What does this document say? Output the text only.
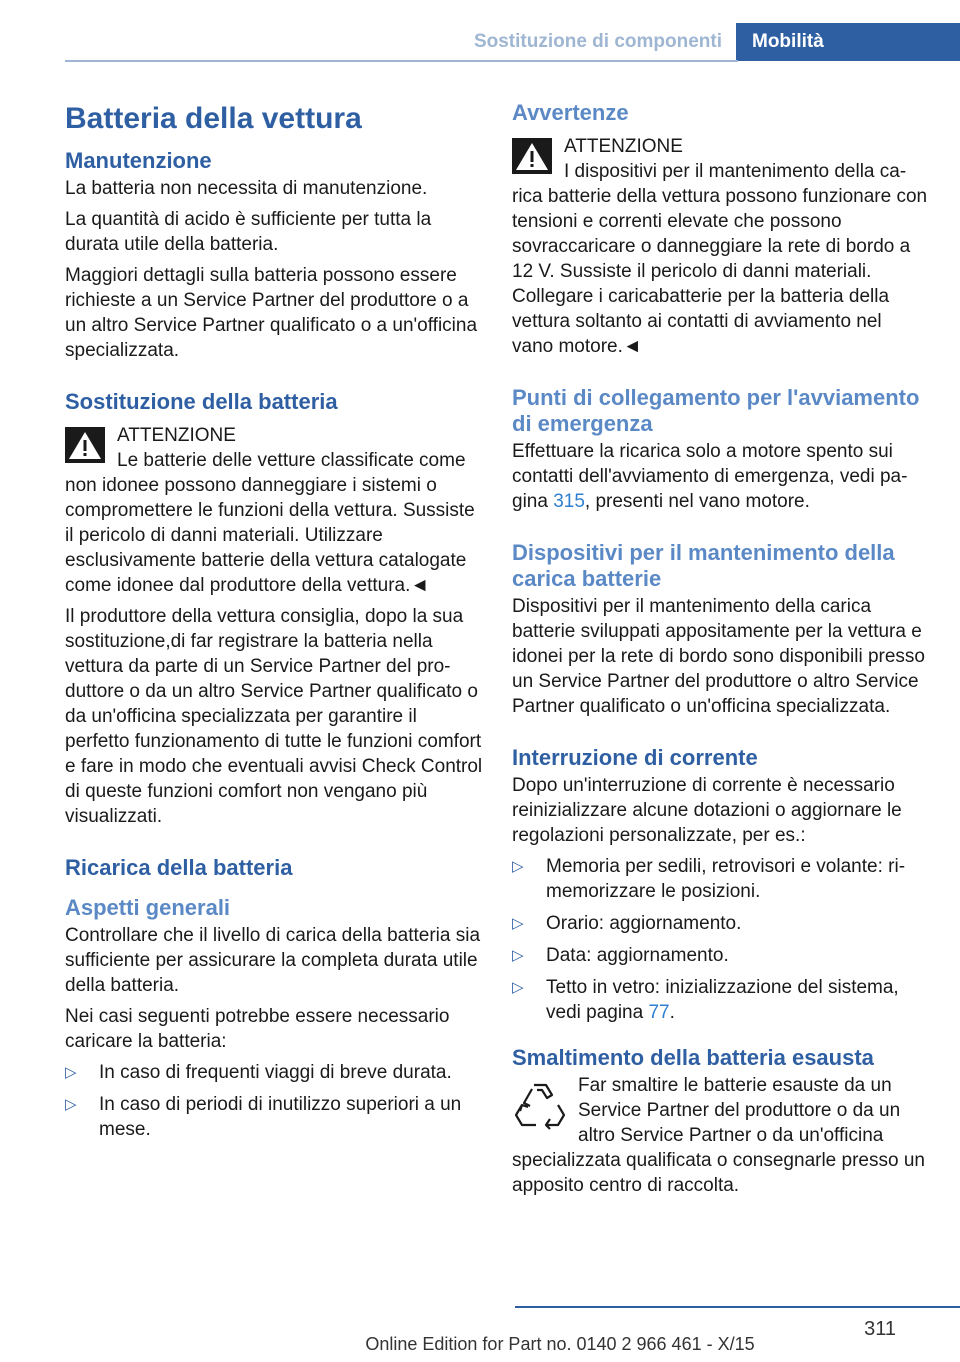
Sostituzione di componenti	Mobilità
Batteria della vettura
Manutenzione

La batteria non necessita di manutenzione.

La quantità di acido è sufficiente per tutta la durata utile della batteria.

Maggiori dettagli sulla batteria possono essere richieste a un Service Partner del produttore o a un altro Service Partner qualificato o a un'officina specializzata.

Sostituzione della batteria
ATTENZIONE
Le batterie delle vetture classificate come non idonee possono danneggiare i sistemi o compromettere le funzioni della vettura. Sussiste il pericolo di danni materiali. Utilizzare esclusivamente batterie della vettura catalogate come idonee dal produttore della vettura.◄

Il produttore della vettura consiglia, dopo la sua sostituzione,di far registrare la batteria nella vettura da parte di un Service Partner del produttore o da un altro Service Partner qualificato o da un'officina specializzata per garantire il perfetto funzionamento di tutte le funzioni comfort e fare in modo che eventuali avvisi Check Control di queste funzioni comfort non vengano più visualizzati.

Ricarica della batteria
Aspetti generali

Controllare che il livello di carica della batteria sia sufficiente per assicurare la completa durata utile della batteria.

Nei casi seguenti potrebbe essere necessario caricare la batteria:

▷ In caso di frequenti viaggi di breve durata.
▷ In caso di periodi di inutilizzo superiori a un mese.
Avvertenze
ATTENZIONE
I dispositivi per il mantenimento della carica batterie della vettura possono funzionare con tensioni e correnti elevate che possono sovraccaricare o danneggiare la rete di bordo a 12 V. Sussiste il pericolo di danni materiali. Collegare i caricabatterie per la batteria della vettura soltanto ai contatti di avviamento nel vano motore.◄
Punti di collegamento per l'avviamento di emergenza

Effettuare la ricarica solo a motore spento sui contatti dell'avviamento di emergenza, vedi pagina 315, presenti nel vano motore.

Dispositivi per il mantenimento della carica batterie

Dispositivi per il mantenimento della carica batterie sviluppati appositamente per la vettura e idonei per la rete di bordo sono disponibili presso un Service Partner del produttore o altro Service Partner qualificato o un'officina specializzata.

Interruzione di corrente

Dopo un'interruzione di corrente è necessario reinizializzare alcune dotazioni o aggiornare le regolazioni personalizzate, per es.:

▷ Memoria per sedili, retrovisori e volante: rimemorizzare le posizioni.
▷ Orario: aggiornamento.
▷ Data: aggiornamento.
▷ Tetto in vetro: inizializzazione del sistema, vedi pagina 77.
Smaltimento della batteria esausta

Far smaltire le batterie esauste da un Service Partner del produttore o da un altro Service Partner o da un'officina specializzata qualificata o consegnarle presso un apposito centro di raccolta.

311
Online Edition for Part no. 0140 2 966 461 - X/15
